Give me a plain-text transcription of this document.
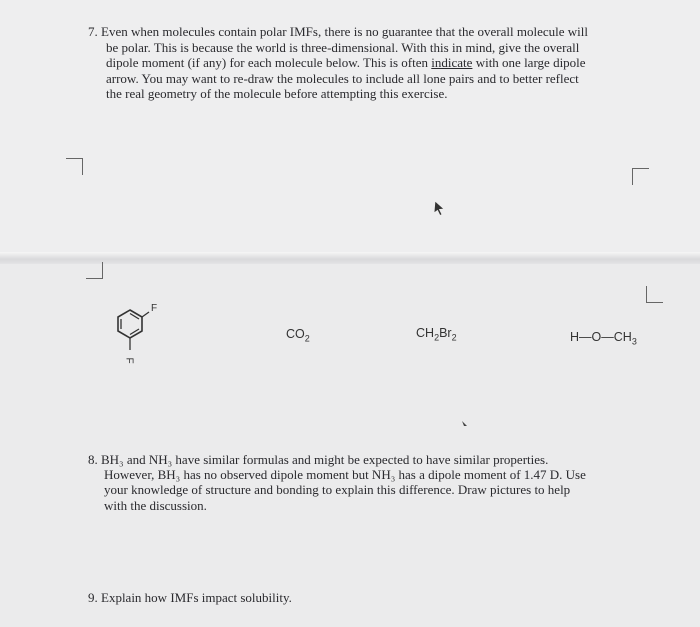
7. Even when molecules contain polar IMFs, there is no guarantee that the overall molecule will
be polar. This is because the world is three-dimensional. With this in mind, give the overall
dipole moment (if any) for each molecule below. This is often indicate with one large dipole
arrow. You may want to re-draw the molecules to include all lone pairs and to better reflect
the real geometry of the molecule before attempting this exercise.
F
F
$CO_2$	$CH_2Br_2$	$H—O—CH_3$
8. BH₃ and NH₃ have similar formulas and might be expected to have similar properties.
However, BH₃ has no observed dipole moment but NH₃ has a dipole moment of 1.47 D. Use
your knowledge of structure and bonding to explain this difference. Draw pictures to help
with the discussion.
9. Explain how IMFs impact solubility.
